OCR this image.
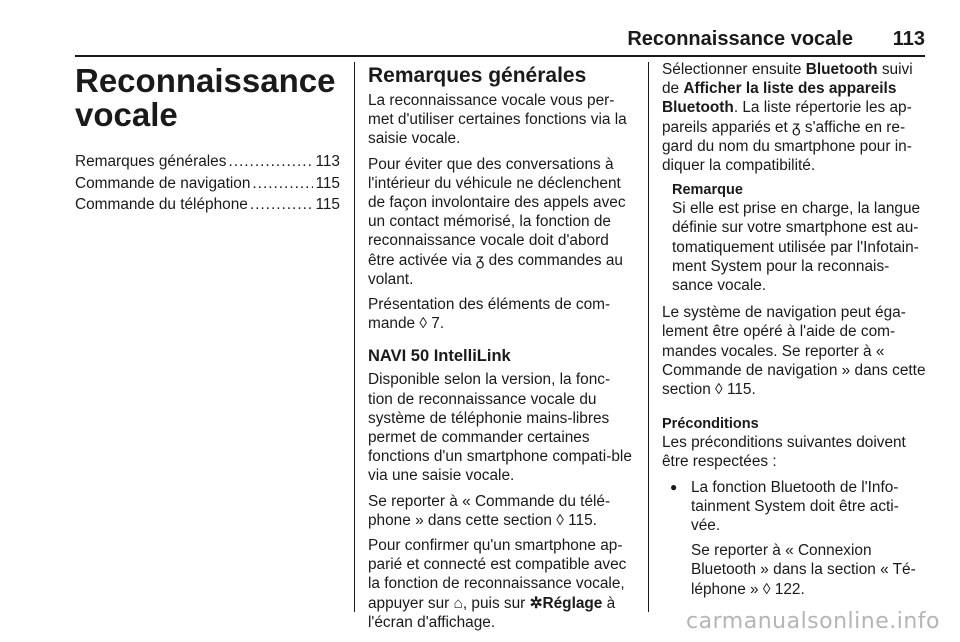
Reconnaissance vocale 113
Reconnaissance vocale
Remarques générales .....	113
Commande de navigation .....	115
Commande du téléphone .....	115
Remarques générales

La reconnaissance vocale vous per-met d'utiliser certaines fonctions via la saisie vocale.

Pour éviter que des conversations à l'intérieur du véhicule ne déclenchent de façon involontaire des appels avec un contact mémorisé, la fonction de reconnaissance vocale doit d'abord être activée via ᵹ des commandes au volant.

Présentation des éléments de com-mande ◊ 7.

NAVI 50 IntelliLink

Disponible selon la version, la fonc-tion de reconnaissance vocale du système de téléphonie mains-libres permet de commander certaines fonctions d'un smartphone compati-ble via une saisie vocale.

Se reporter à « Commande du télé-phone » dans cette section ◊ 115.

Pour confirmer qu'un smartphone ap-parié et connecté est compatible avec la fonction de reconnaissance vocale, appuyer sur ⌂, puis sur ✲Réglage à l'écran d'affichage.

Sélectionner ensuite Bluetooth suivi de Afficher la liste des appareils Bluetooth. La liste répertorie les ap-pareils appariés et ᵹ s'affiche en re-gard du nom du smartphone pour in-diquer la compatibilité.

Remarque

Si elle est prise en charge, la langue définie sur votre smartphone est au-tomatiquement utilisée par l'Infotain-ment System pour la reconnais-sance vocale.

Le système de navigation peut éga-lement être opéré à l'aide de com-mandes vocales. Se reporter à « Commande de navigation » dans cette section ◊ 115.

Préconditions

Les préconditions suivantes doivent être respectées :

● La fonction Bluetooth de l'Info-tainment System doit être acti-vée.

Se reporter à « Connexion Bluetooth » dans la section « Té-léphone » ◊ 122.

carmanualsonline.info
